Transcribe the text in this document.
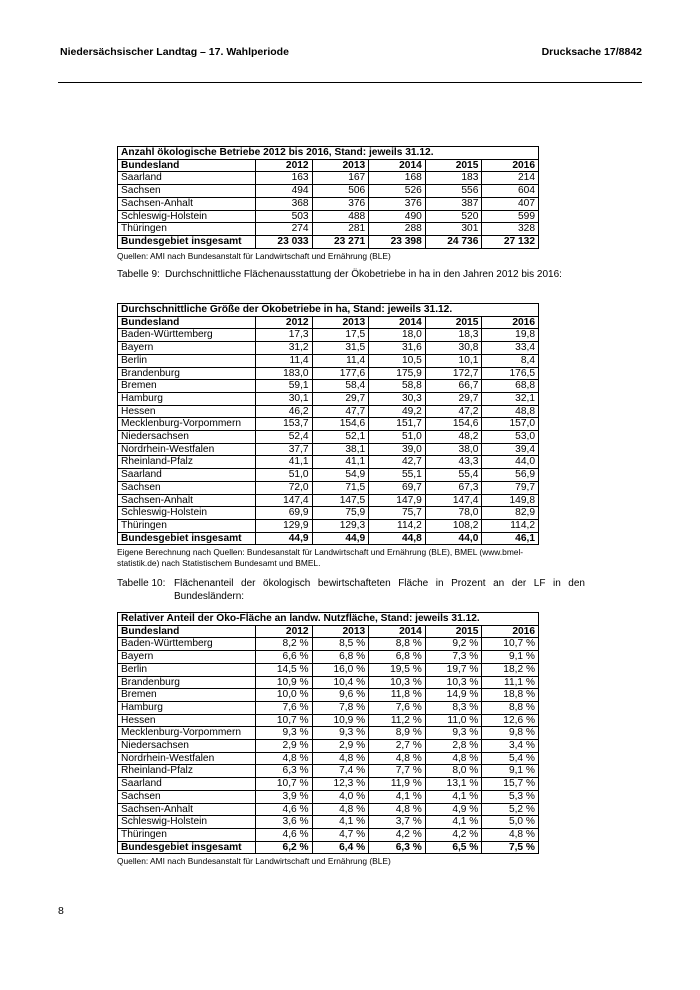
Niedersächsischer Landtag – 17. Wahlperiode	Drucksache 17/8842
Anzahl ökologische Betriebe 2012 bis 2016, Stand: jeweils 31.12.					
Bundesland	2012	2013	2014	2015	2016
Saarland	163	167	168	183	214
Sachsen	494	506	526	556	604
Sachsen-Anhalt	368	376	376	387	407
Schleswig-Holstein	503	488	490	520	599
Thüringen	274	281	288	301	328
Bundesgebiet insgesamt	23 033	23 271	23 398	24 736	27 132
Quellen: AMI nach Bundesanstalt für Landwirtschaft und Ernährung (BLE)
Tabelle 9: Durchschnittliche Flächenausstattung der Ökobetriebe in ha in den Jahren 2012 bis 2016:
Durchschnittliche Größe der Ökobetriebe in ha, Stand: jeweils 31.12.					
Bundesland	2012	2013	2014	2015	2016
Baden-Württemberg	17,3	17,5	18,0	18,3	19,8
Bayern	31,2	31,5	31,6	30,8	33,4
Berlin	11,4	11,4	10,5	10,1	8,4
Brandenburg	183,0	177,6	175,9	172,7	176,5
Bremen	59,1	58,4	58,8	66,7	68,8
Hamburg	30,1	29,7	30,3	29,7	32,1
Hessen	46,2	47,7	49,2	47,2	48,8
Mecklenburg-Vorpommern	153,7	154,6	151,7	154,6	157,0
Niedersachsen	52,4	52,1	51,0	48,2	53,0
Nordrhein-Westfalen	37,7	38,1	39,0	38,0	39,4
Rheinland-Pfalz	41,1	41,1	42,7	43,3	44,0
Saarland	51,0	54,9	55,1	55,4	56,9
Sachsen	72,0	71,5	69,7	67,3	79,7
Sachsen-Anhalt	147,4	147,5	147,9	147,4	149,8
Schleswig-Holstein	69,9	75,9	75,7	78,0	82,9
Thüringen	129,9	129,3	114,2	108,2	114,2
Bundesgebiet insgesamt	44,9	44,9	44,8	44,0	46,1
Eigene Berechnung nach Quellen: Bundesanstalt für Landwirtschaft und Ernährung (BLE), BMEL (www.bmel-statistik.de) nach Statistischem Bundesamt und BMEL.
Tabelle 10: Flächenanteil der ökologisch bewirtschafteten Fläche in Prozent an der LF in den Bundesländern:
Relativer Anteil der Öko-Fläche an landw. Nutzfläche, Stand: jeweils 31.12.					
Bundesland	2012	2013	2014	2015	2016
Baden-Württemberg	8,2 %	8,5 %	8,8 %	9,2 %	10,7 %
Bayern	6,6 %	6,8 %	6,8 %	7,3 %	9,1 %
Berlin	14,5 %	16,0 %	19,5 %	19,7 %	18,2 %
Brandenburg	10,9 %	10,4 %	10,3 %	10,3 %	11,1 %
Bremen	10,0 %	9,6 %	11,8 %	14,9 %	18,8 %
Hamburg	7,6 %	7,8 %	7,6 %	8,3 %	8,8 %
Hessen	10,7 %	10,9 %	11,2 %	11,0 %	12,6 %
Mecklenburg-Vorpommern	9,3 %	9,3 %	8,9 %	9,3 %	9,8 %
Niedersachsen	2,9 %	2,9 %	2,7 %	2,8 %	3,4 %
Nordrhein-Westfalen	4,8 %	4,8 %	4,8 %	4,8 %	5,4 %
Rheinland-Pfalz	6,3 %	7,4 %	7,7 %	8,0 %	9,1 %
Saarland	10,7 %	12,3 %	11,9 %	13,1 %	15,7 %
Sachsen	3,9 %	4,0 %	4,1 %	4,1 %	5,3 %
Sachsen-Anhalt	4,6 %	4,8 %	4,8 %	4,9 %	5,2 %
Schleswig-Holstein	3,6 %	4,1 %	3,7 %	4,1 %	5,0 %
Thüringen	4,6 %	4,7 %	4,2 %	4,2 %	4,8 %
Bundesgebiet insgesamt	6,2 %	6,4 %	6,3 %	6,5 %	7,5 %
Quellen: AMI nach Bundesanstalt für Landwirtschaft und Ernährung (BLE)
8
